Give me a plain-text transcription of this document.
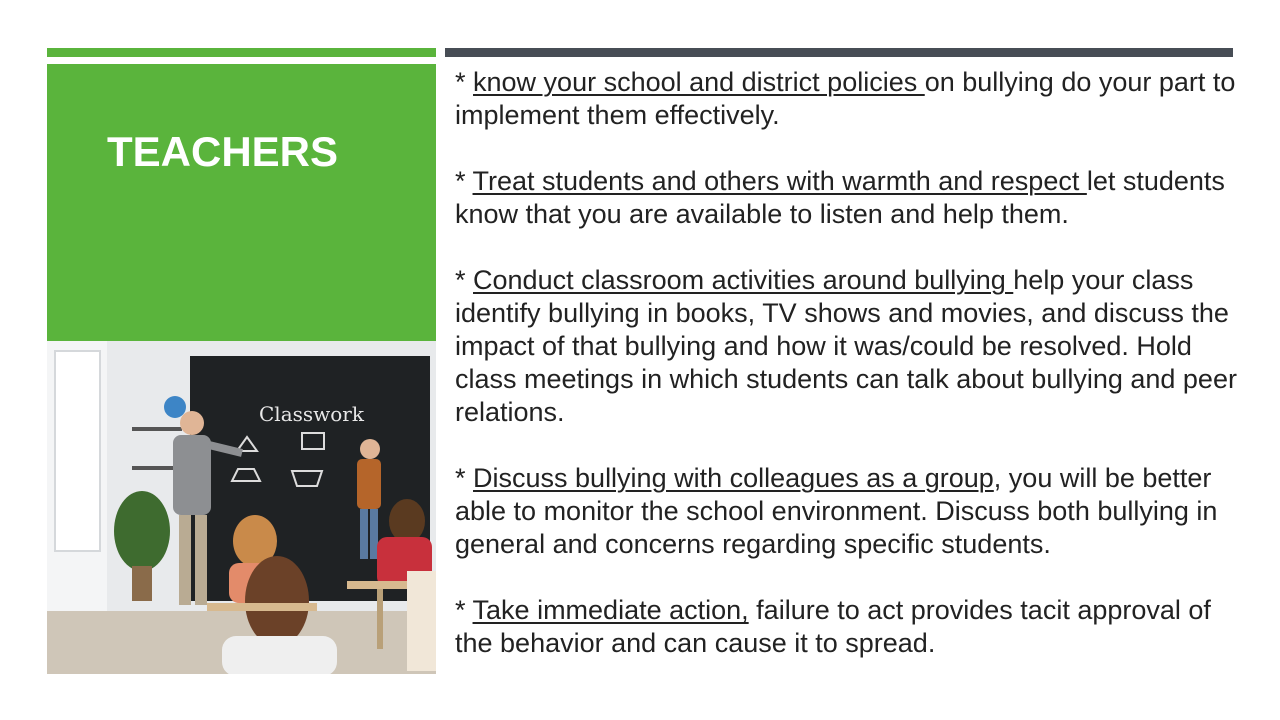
TEACHERS
Classwork

* know your school and district policies on bullying do your part to implement them effectively.

* Treat students and others with warmth and respect let students know that you are available to listen and help them.

* Conduct classroom activities around bullying help your class identify bullying in books, TV shows and movies, and discuss the impact of that bullying and how it was/could be resolved. Hold class meetings in which students can talk about bullying and peer relations.

* Discuss bullying with colleagues as a group, you will be better able to monitor the school environment. Discuss both bullying in general and concerns regarding specific students.

* Take immediate action, failure to act provides tacit approval of the behavior and can cause it to spread.
